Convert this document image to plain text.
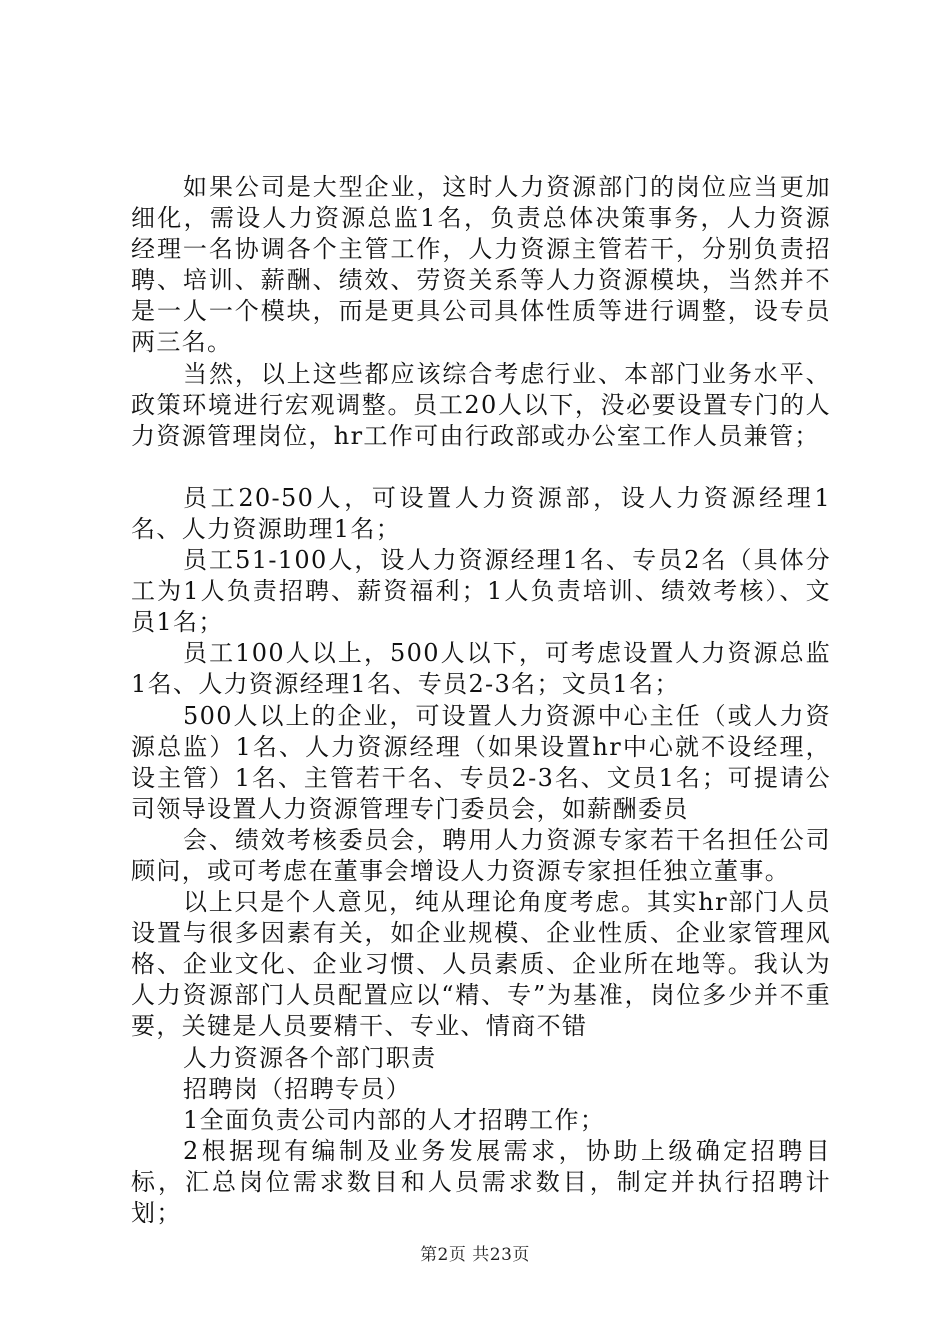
如果公司是大型企业，这时人力资源部门的岗位应当更加细化，需设人力资源总监1名，负责总体决策事务，人力资源经理一名协调各个主管工作，人力资源主管若干，分别负责招聘、培训、薪酬、绩效、劳资关系等人力资源模块，当然并不是一人一个模块，而是更具公司具体性质等进行调整，设专员两三名。

当然，以上这些都应该综合考虑行业、本部门业务水平、政策环境进行宏观调整。员工20人以下，没必要设置专门的人力资源管理岗位，hr工作可由行政部或办公室工作人员兼管；

员工20-50人，可设置人力资源部，设人力资源经理1名、人力资源助理1名；

员工51-100人，设人力资源经理1名、专员2名（具体分工为1人负责招聘、薪资福利；1人负责培训、绩效考核）、文员1名；

员工100人以上，500人以下，可考虑设置人力资源总监1名、人力资源经理1名、专员2-3名；文员1名；

500人以上的企业，可设置人力资源中心主任（或人力资源总监）1名、人力资源经理（如果设置hr中心就不设经理，设主管）1名、主管若干名、专员2-3名、文员1名；可提请公司领导设置人力资源管理专门委员会，如薪酬委员

会、绩效考核委员会，聘用人力资源专家若干名担任公司顾问，或可考虑在董事会增设人力资源专家担任独立董事。

以上只是个人意见，纯从理论角度考虑。其实hr部门人员设置与很多因素有关，如企业规模、企业性质、企业家管理风格、企业文化、企业习惯、人员素质、企业所在地等。我认为人力资源部门人员配置应以“精、专”为基准，岗位多少并不重要，关键是人员要精干、专业、情商不错

人力资源各个部门职责

招聘岗（招聘专员）

1全面负责公司内部的人才招聘工作；

2根据现有编制及业务发展需求，协助上级确定招聘目标，汇总岗位需求数目和人员需求数目，制定并执行招聘计划；

第2页 共23页
